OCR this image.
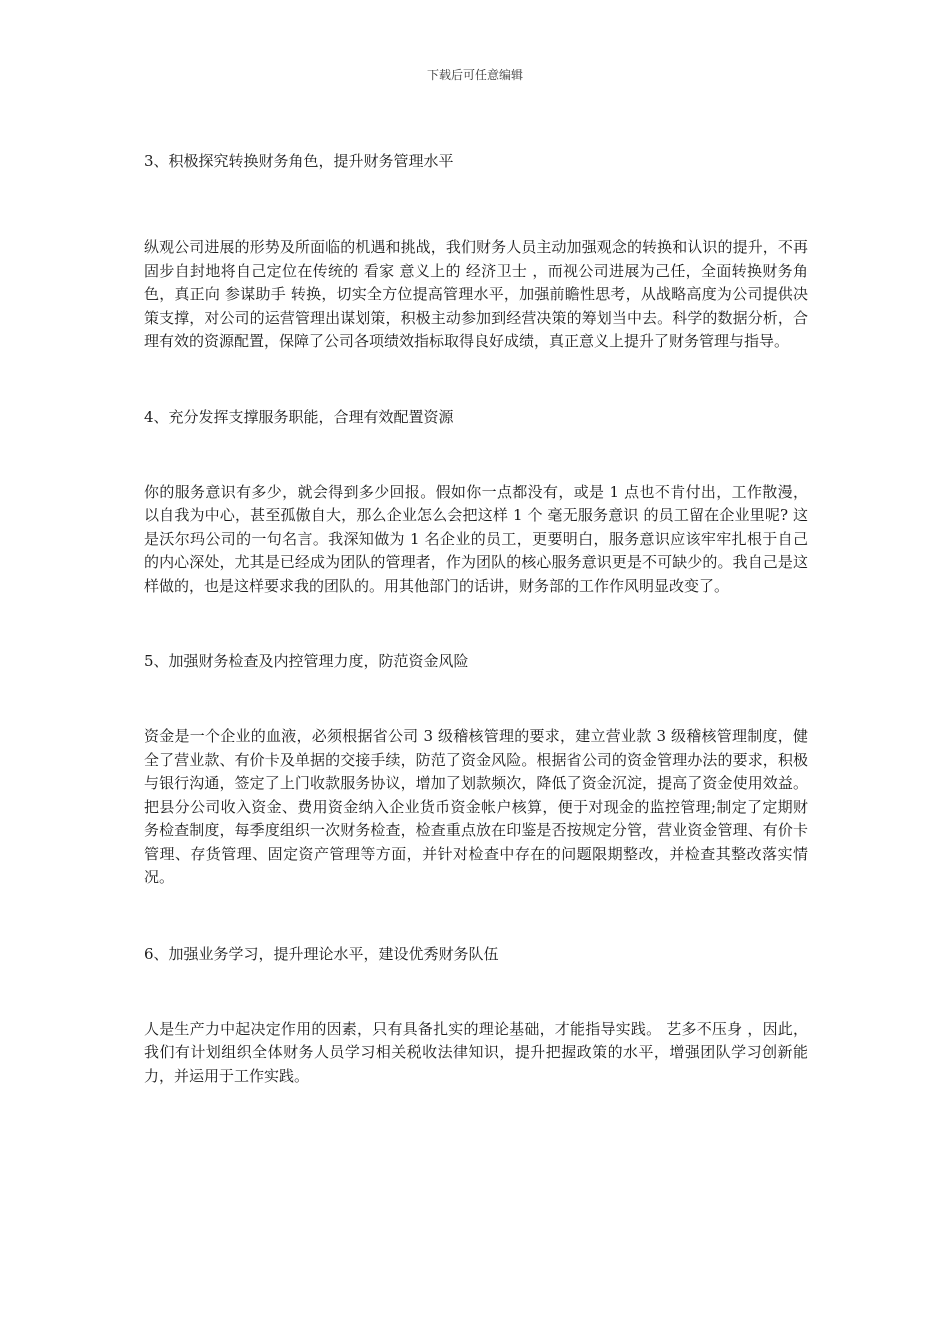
下载后可任意编辑

3、积极探究转换财务角色，提升财务管理水平

纵观公司进展的形势及所面临的机遇和挑战，我们财务人员主动加强观念的转换和认识的提升，不再固步自封地将自己定位在传统的 看家 意义上的 经济卫士 ，而视公司进展为己任，全面转换财务角色，真正向 参谋助手 转换，切实全方位提高管理水平，加强前瞻性思考，从战略高度为公司提供决策支撑，对公司的运营管理出谋划策，积极主动参加到经营决策的筹划当中去。科学的数据分析，合理有效的资源配置，保障了公司各项绩效指标取得良好成绩，真正意义上提升了财务管理与指导。

4、充分发挥支撑服务职能，合理有效配置资源

你的服务意识有多少，就会得到多少回报。假如你一点都没有，或是 1 点也不肯付出，工作散漫，以自我为中心，甚至孤傲自大，那么企业怎么会把这样 1 个 毫无服务意识 的员工留在企业里呢? 这是沃尔玛公司的一句名言。我深知做为 1 名企业的员工，更要明白，服务意识应该牢牢扎根于自己的内心深处，尤其是已经成为团队的管理者，作为团队的核心服务意识更是不可缺少的。我自己是这样做的，也是这样要求我的团队的。用其他部门的话讲，财务部的工作作风明显改变了。

5、加强财务检查及内控管理力度，防范资金风险

资金是一个企业的血液，必须根据省公司 3 级稽核管理的要求，建立营业款 3 级稽核管理制度，健全了营业款、有价卡及单据的交接手续，防范了资金风险。根据省公司的资金管理办法的要求，积极与银行沟通，签定了上门收款服务协议，增加了划款频次，降低了资金沉淀，提高了资金使用效益。把县分公司收入资金、费用资金纳入企业货币资金帐户核算，便于对现金的监控管理;制定了定期财务检查制度，每季度组织一次财务检查，检查重点放在印鉴是否按规定分管，营业资金管理、有价卡管理、存货管理、固定资产管理等方面，并针对检查中存在的问题限期整改，并检查其整改落实情况。

6、加强业务学习，提升理论水平，建设优秀财务队伍

人是生产力中起决定作用的因素，只有具备扎实的理论基础，才能指导实践。 艺多不压身 ，因此，我们有计划组织全体财务人员学习相关税收法律知识，提升把握政策的水平，增强团队学习创新能力，并运用于工作实践。
